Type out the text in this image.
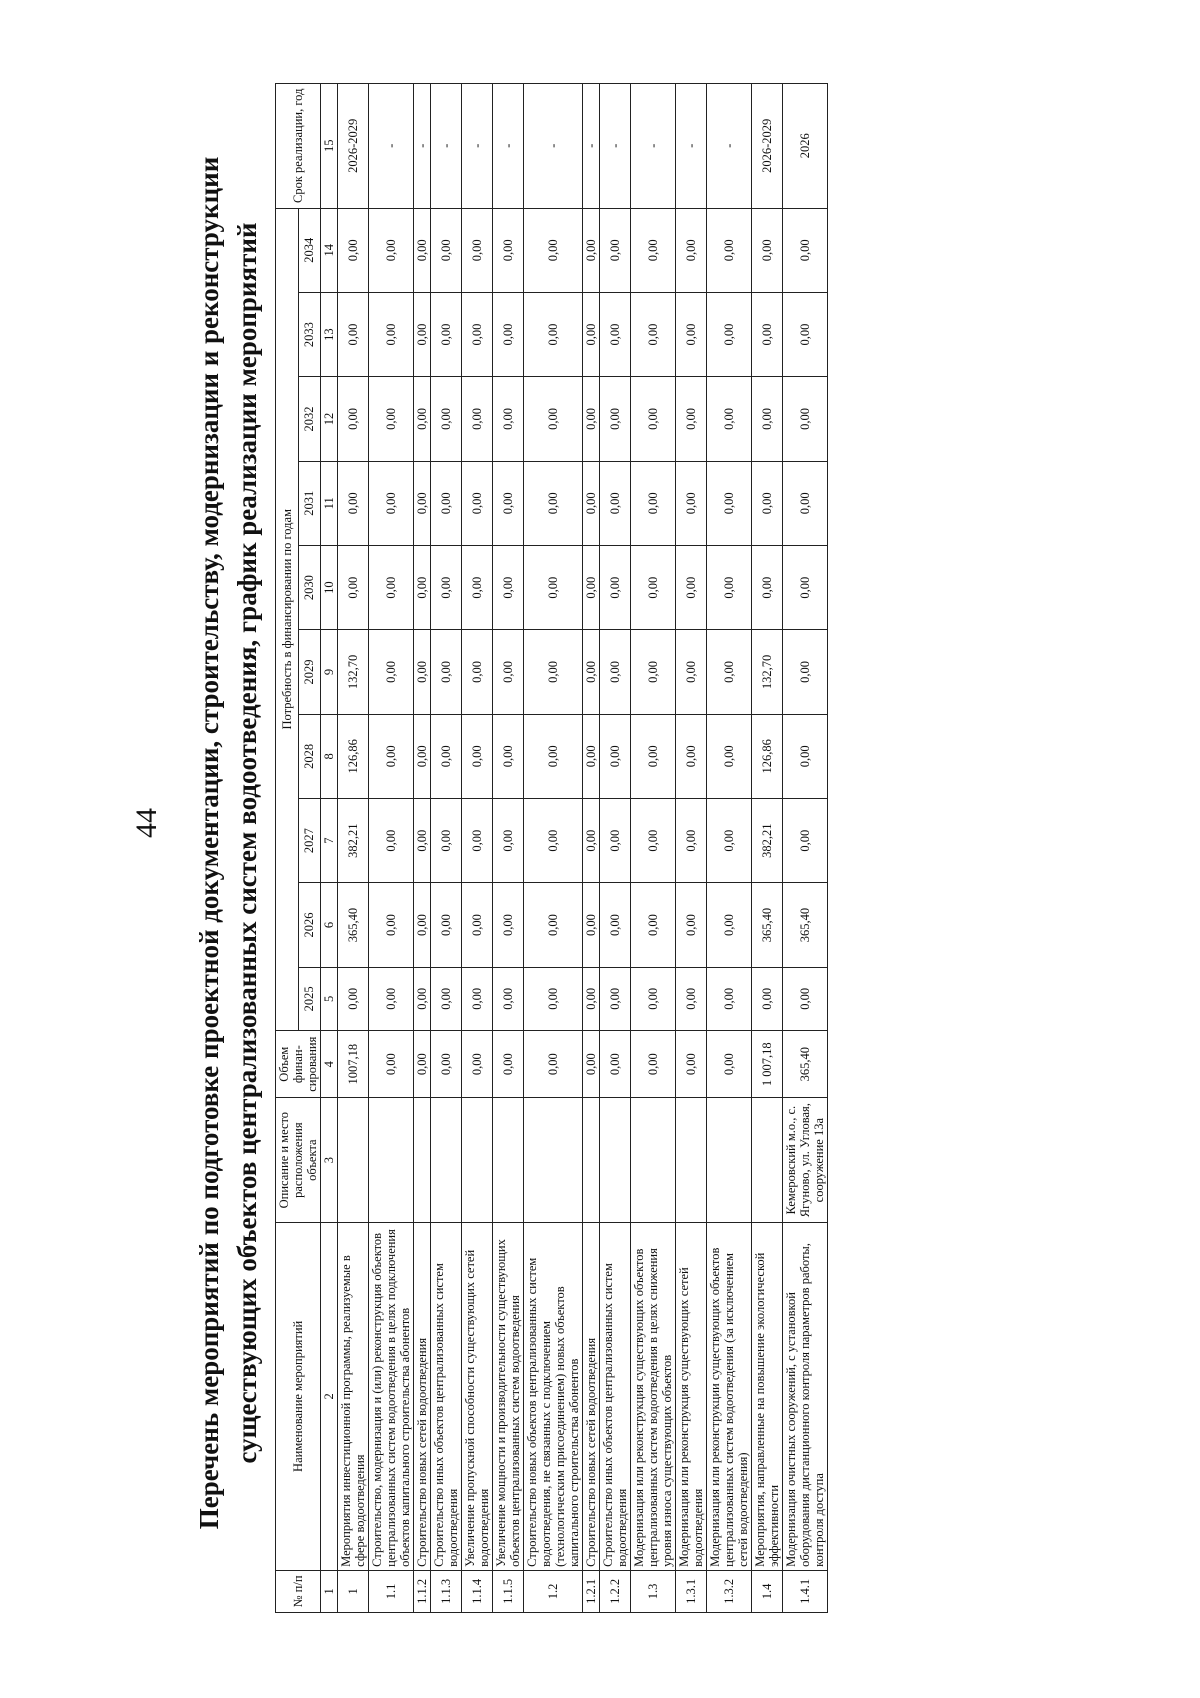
44 Перечень мероприятий по подготовке проектной документации, строительству, модернизации и реконструкции существующих объектов централизованных систем водоотведения, график реализации мероприятий
№ п/п	Наименование мероприятий	Описание и место расположения объекта	Объем финан-сирования	Потребность в финансировании по годам										Срок реализации, год
				2025	2026	2027	2028	2029	2030	2031	2032	2033	2034	
1	2	3	4	5	6	7	8	9	10	11	12	13	14	15
1	Мероприятия инвестиционной программы, реализуемые в сфере водоотведения		1007,18	0,00	365,40	382,21	126,86	132,70	0,00	0,00	0,00	0,00	0,00	2026-2029
1.1	Строительство, модернизация и (или) реконструкция объектов централизованных систем водоотведения в целях подключения объектов капитального строительства абонентов		0,00	0,00	0,00	0,00	0,00	0,00	0,00	0,00	0,00	0,00	0,00	-
1.1.2	Строительство новых сетей водоотведения		0,00	0,00	0,00	0,00	0,00	0,00	0,00	0,00	0,00	0,00	0,00	-
1.1.3	Строительство иных объектов централизованных систем водоотведения		0,00	0,00	0,00	0,00	0,00	0,00	0,00	0,00	0,00	0,00	0,00	-
1.1.4	Увеличение пропускной способности существующих сетей водоотведения		0,00	0,00	0,00	0,00	0,00	0,00	0,00	0,00	0,00	0,00	0,00	-
1.1.5	Увеличение мощности и производительности существующих объектов централизованных систем водоотведения		0,00	0,00	0,00	0,00	0,00	0,00	0,00	0,00	0,00	0,00	0,00	-
1.2	Строительство новых объектов централизованных систем водоотведения, не связанных с подключением (технологическим присоединением) новых объектов капитального строительства абонентов		0,00	0,00	0,00	0,00	0,00	0,00	0,00	0,00	0,00	0,00	0,00	-
1.2.1	Строительство новых сетей водоотведения		0,00	0,00	0,00	0,00	0,00	0,00	0,00	0,00	0,00	0,00	0,00	-
1.2.2	Строительство иных объектов централизованных систем водоотведения		0,00	0,00	0,00	0,00	0,00	0,00	0,00	0,00	0,00	0,00	0,00	-
1.3	Модернизация или реконструкция существующих объектов централизованных систем водоотведения в целях снижения уровня износа существующих объектов		0,00	0,00	0,00	0,00	0,00	0,00	0,00	0,00	0,00	0,00	0,00	-
1.3.1	Модернизация или реконструкция существующих сетей водоотведения		0,00	0,00	0,00	0,00	0,00	0,00	0,00	0,00	0,00	0,00	0,00	-
1.3.2	Модернизация или реконструкции существующих объектов централизованных систем водоотведения (за исключением сетей водоотведения)		0,00	0,00	0,00	0,00	0,00	0,00	0,00	0,00	0,00	0,00	0,00	-
1.4	Мероприятия, направленные на повышение экологической эффективности		1 007,18	0,00	365,40	382,21	126,86	132,70	0,00	0,00	0,00	0,00	0,00	2026-2029
1.4.1	Модернизация очистных сооружений, с установкой оборудования дистанционного контроля параметров работы, контроля доступа	Кемеровский м.о., с. Ягуново, ул. Угловая, сооружение 13а	365,40	0,00	365,40	0,00	0,00	0,00	0,00	0,00	0,00	0,00	0,00	2026
